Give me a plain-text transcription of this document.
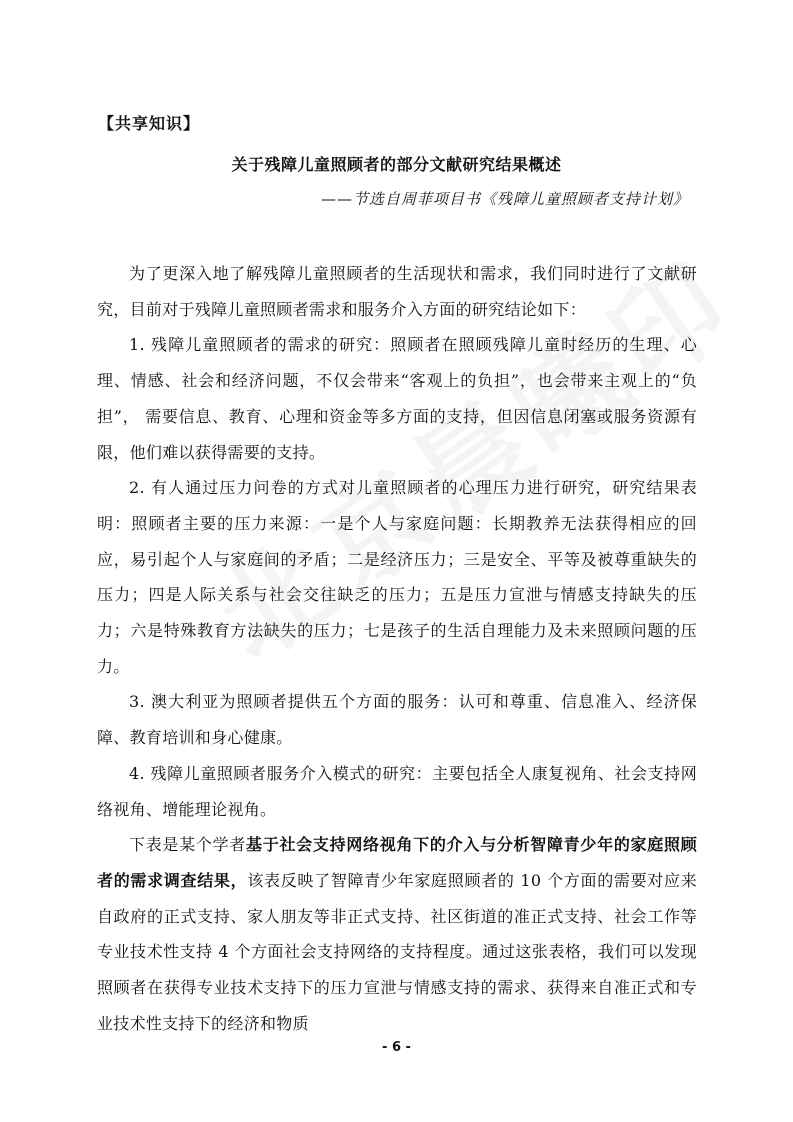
【共享知识】
关于残障儿童照顾者的部分文献研究结果概述
——节选自周菲项目书《残障儿童照顾者支持计划》

为了更深入地了解残障儿童照顾者的生活现状和需求，我们同时进行了文献研究，目前对于残障儿童照顾者需求和服务介入方面的研究结论如下：

1. 残障儿童照顾者的需求的研究：照顾者在照顾残障儿童时经历的生理、心理、情感、社会和经济问题，不仅会带来“客观上的负担”，也会带来主观上的“负担”， 需要信息、教育、心理和资金等多方面的支持，但因信息闭塞或服务资源有限，他们难以获得需要的支持。

2. 有人通过压力问卷的方式对儿童照顾者的心理压力进行研究，研究结果表明：照顾者主要的压力来源：一是个人与家庭问题：长期教养无法获得相应的回应，易引起个人与家庭间的矛盾；二是经济压力；三是安全、平等及被尊重缺失的压力；四是人际关系与社会交往缺乏的压力；五是压力宣泄与情感支持缺失的压力；六是特殊教育方法缺失的压力；七是孩子的生活自理能力及未来照顾问题的压力。

3. 澳大利亚为照顾者提供五个方面的服务：认可和尊重、信息准入、经济保障、教育培训和身心健康。

4. 残障儿童照顾者服务介入模式的研究：主要包括全人康复视角、社会支持网络视角、增能理论视角。

下表是某个学者基于社会支持网络视角下的介入与分析智障青少年的家庭照顾者的需求调查结果，该表反映了智障青少年家庭照顾者的 10 个方面的需要对应来自政府的正式支持、家人朋友等非正式支持、社区街道的准正式支持、社会工作等专业技术性支持 4 个方面社会支持网络的支持程度。通过这张表格，我们可以发现照顾者在获得专业技术支持下的压力宣泄与情感支持的需求、获得来自准正式和专业技术性支持下的经济和物质

- 6 -
